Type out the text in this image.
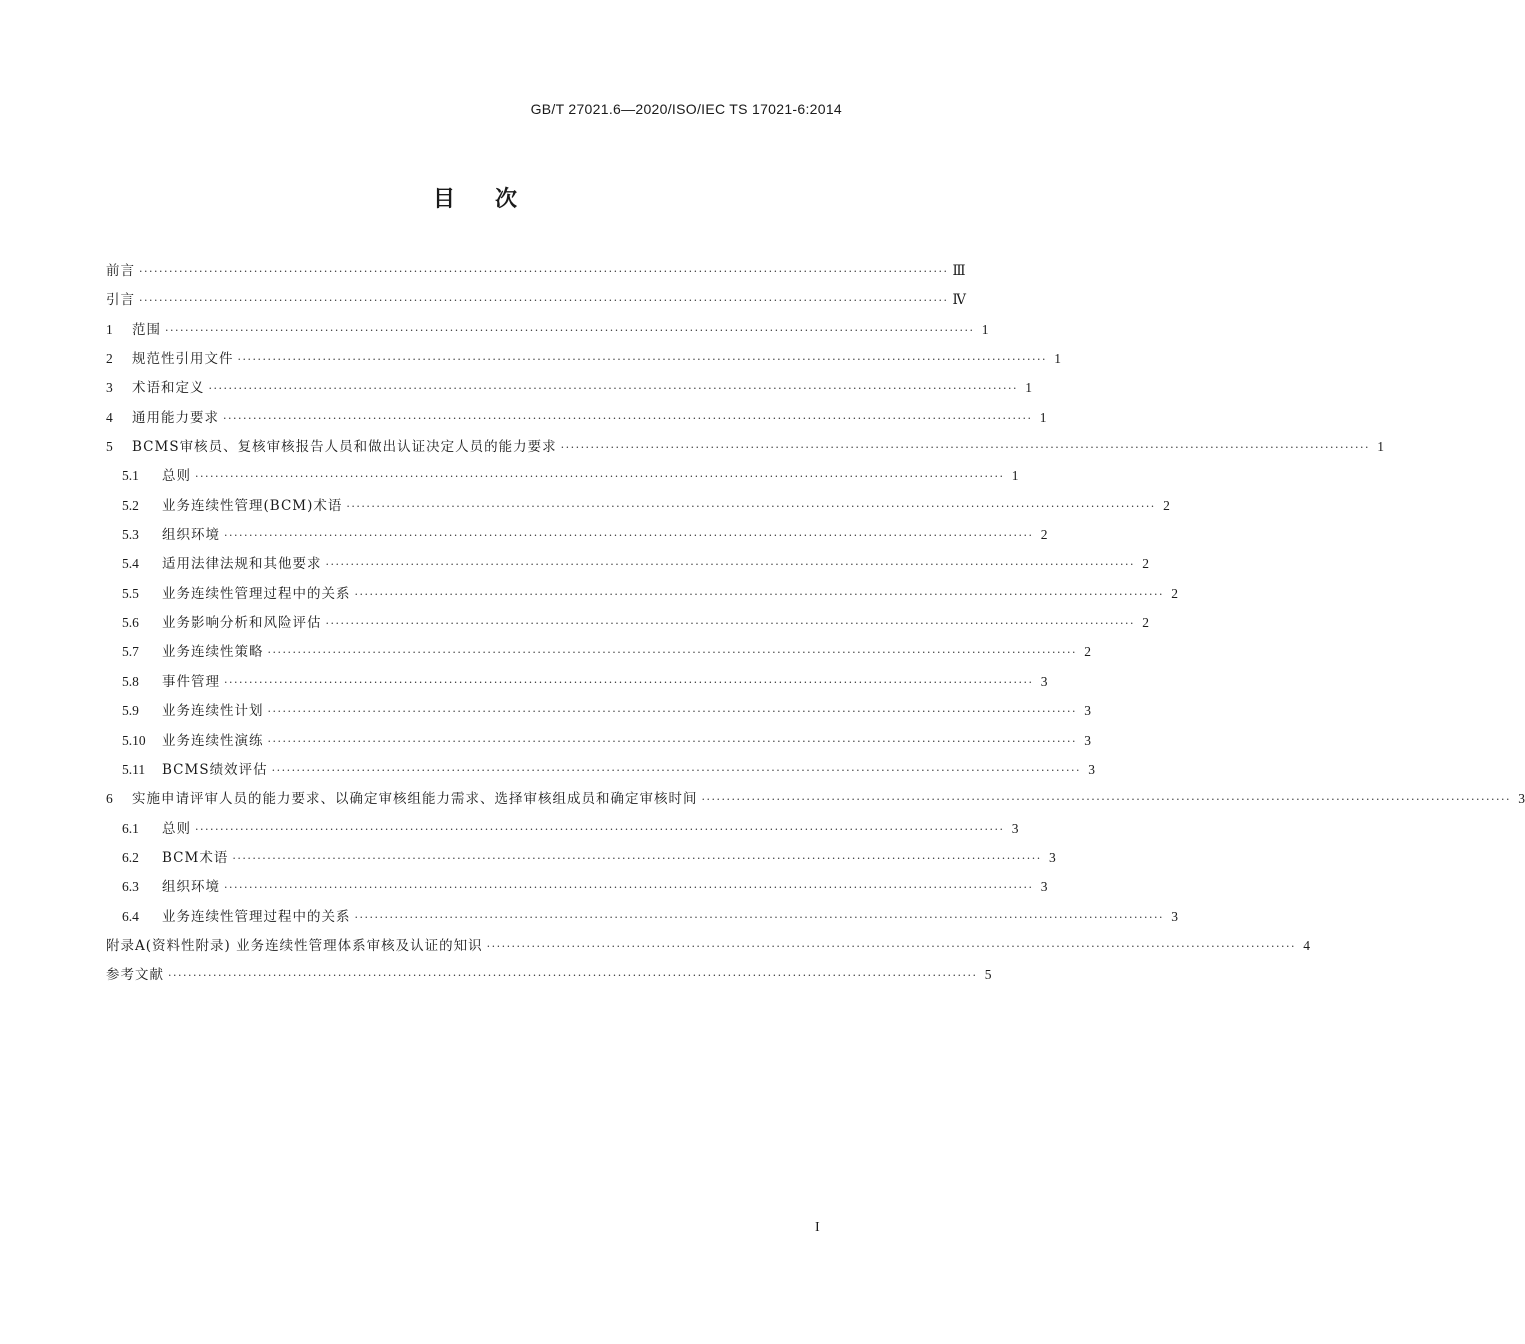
GB/T 27021.6—2020/ISO/IEC TS 17021-6:2014
目次
前言 ·····	Ⅲ
引言 ·····	Ⅳ
1	范围 ·····	1
2	规范性引用文件 ·····	1
3	术语和定义 ·····	1
4	通用能力要求 ·····	1
5	BCMS审核员、复核审核报告人员和做出认证决定人员的能力要求 ·····	1
5.1	总则 ·····	1
5.2	业务连续性管理(BCM)术语 ·····	2
5.3	组织环境 ·····	2
5.4	适用法律法规和其他要求 ·····	2
5.5	业务连续性管理过程中的关系 ·····	2
5.6	业务影响分析和风险评估 ·····	2
5.7	业务连续性策略 ·····	2
5.8	事件管理 ·····	3
5.9	业务连续性计划 ·····	3
5.10	业务连续性演练 ·····	3
5.11	BCMS绩效评估 ·····	3
6	实施申请评审人员的能力要求、以确定审核组能力需求、选择审核组成员和确定审核时间 ·····	3
6.1	总则 ·····	3
6.2	BCM术语 ·····	3
6.3	组织环境 ·····	3
6.4	业务连续性管理过程中的关系 ·····	3
附录A(资料性附录) 业务连续性管理体系审核及认证的知识 ·····	4
参考文献 ·····	5
I
